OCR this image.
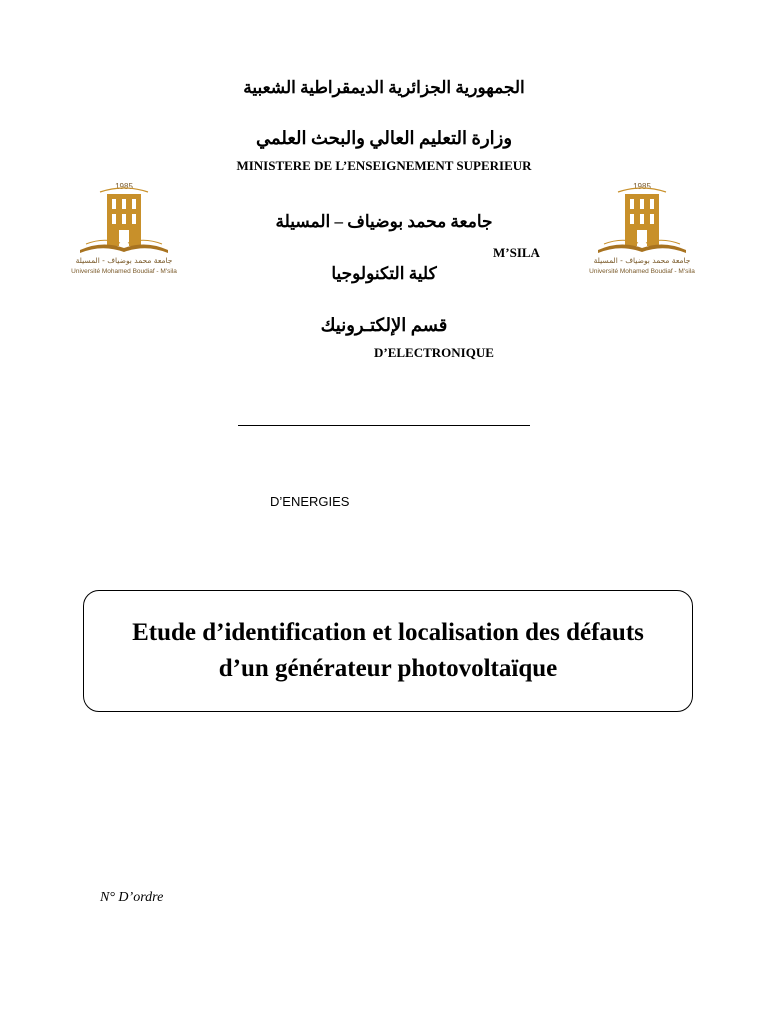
الجمهورية الجزائرية الديمقراطية الشعبية
وزارة التعليم العالي والبحث العلمي
MINISTERE DE L’ENSEIGNEMENT SUPERIEUR
1985
جامعة محمد بوضياف - المسيلة
Université Mohamed Boudiaf - M'sila
1985
جامعة محمد بوضياف - المسيلة
Université Mohamed Boudiaf - M'sila
جامعة محمد بوضياف – المسيلة
M’SILA
كلية التكنولوجيا
قسم الإلكتـرونيك
D’ELECTRONIQUE
D’ENERGIES
Etude d’identification et localisation des défauts
d’un générateur photovoltaïque
N° D’ordre
